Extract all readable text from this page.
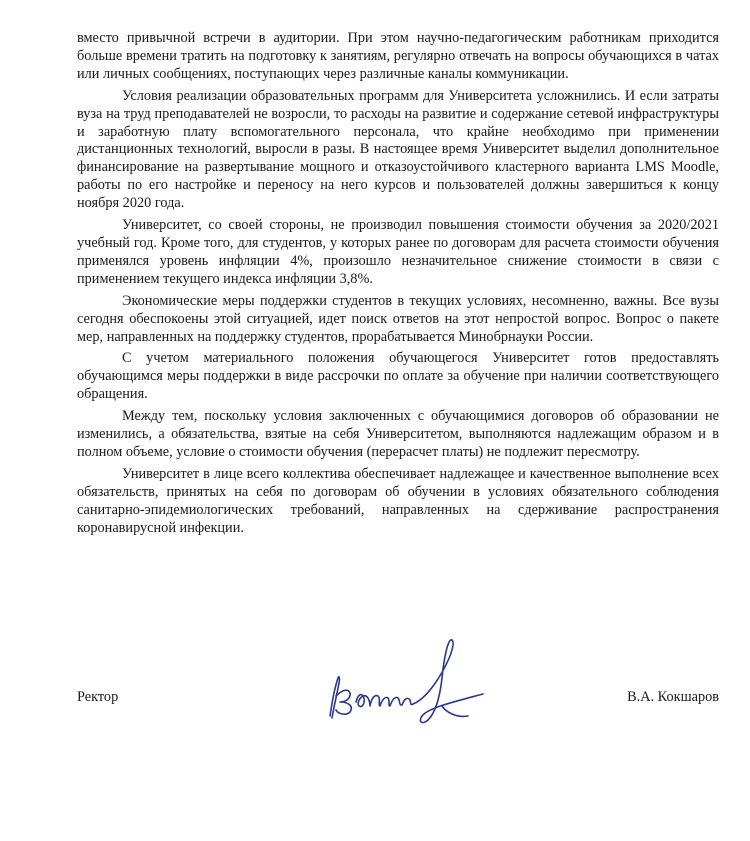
вместо привычной встречи в аудитории. При этом научно-педагогическим работникам приходится больше времени тратить на подготовку к занятиям, регулярно отвечать на вопросы обучающихся в чатах или личных сообщениях, поступающих через различные каналы коммуникации.

Условия реализации образовательных программ для Университета усложнились. И если затраты вуза на труд преподавателей не возросли, то расходы на развитие и содержание сетевой инфраструктуры и заработную плату вспомогательного персонала, что крайне необходимо при применении дистанционных технологий, выросли в разы. В настоящее время Университет выделил дополнительное финансирование на развертывание мощного и отказоустойчивого кластерного варианта LMS Moodle, работы по его настройке и переносу на него курсов и пользователей должны завершиться к концу ноября 2020 года.

Университет, со своей стороны, не производил повышения стоимости обучения за 2020/2021 учебный год. Кроме того, для студентов, у которых ранее по договорам для расчета стоимости обучения применялся уровень инфляции 4%, произошло незначительное снижение стоимости в связи с применением текущего индекса инфляции 3,8%.

Экономические меры поддержки студентов в текущих условиях, несомненно, важны. Все вузы сегодня обеспокоены этой ситуацией, идет поиск ответов на этот непростой вопрос. Вопрос о пакете мер, направленных на поддержку студентов, прорабатывается Минобрнауки России.

С учетом материального положения обучающегося Университет готов предоставлять обучающимся меры поддержки в виде рассрочки по оплате за обучение при наличии соответствующего обращения.

Между тем, поскольку условия заключенных с обучающимися договоров об образовании не изменились, а обязательства, взятые на себя Университетом, выполняются надлежащим образом и в полном объеме, условие о стоимости обучения (перерасчет платы) не подлежит пересмотру.

Университет в лице всего коллектива обеспечивает надлежащее и качественное выполнение всех обязательств, принятых на себя по договорам об обучении в условиях обязательного соблюдения санитарно-эпидемиологических требований, направленных на сдерживание распространения коронавирусной инфекции.

Ректор	В.А. Кокшаров
